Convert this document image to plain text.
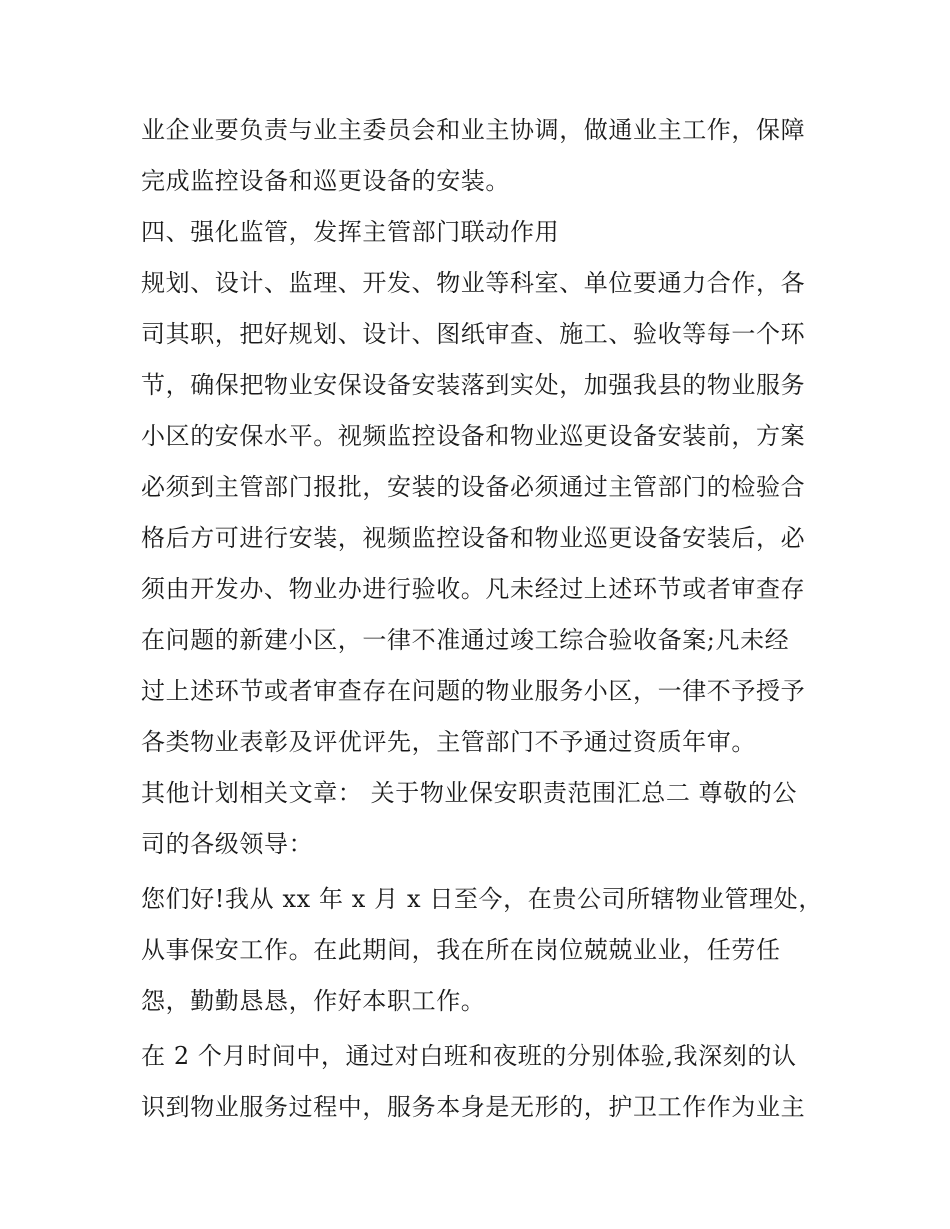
业企业要负责与业主委员会和业主协调，做通业主工作，保障
完成监控设备和巡更设备的安装。
四、强化监管，发挥主管部门联动作用
规划、设计、监理、开发、物业等科室、单位要通力合作，各
司其职，把好规划、设计、图纸审查、施工、验收等每一个环
节，确保把物业安保设备安装落到实处，加强我县的物业服务
小区的安保水平。视频监控设备和物业巡更设备安装前，方案
必须到主管部门报批，安装的设备必须通过主管部门的检验合
格后方可进行安装，视频监控设备和物业巡更设备安装后，必
须由开发办、物业办进行验收。凡未经过上述环节或者审查存
在问题的新建小区，一律不准通过竣工综合验收备案;凡未经
过上述环节或者审查存在问题的物业服务小区，一律不予授予
各类物业表彰及评优评先，主管部门不予通过资质年审。
其他计划相关文章： 关于物业保安职责范围汇总二 尊敬的公
司的各级领导：
您们好!我从 xx 年 x 月 x 日至今，在贵公司所辖物业管理处，
从事保安工作。在此期间，我在所在岗位兢兢业业，任劳任
怨，勤勤恳恳，作好本职工作。
在 2 个月时间中，通过对白班和夜班的分别体验,我深刻的认
识到物业服务过程中，服务本身是无形的，护卫工作作为业主
